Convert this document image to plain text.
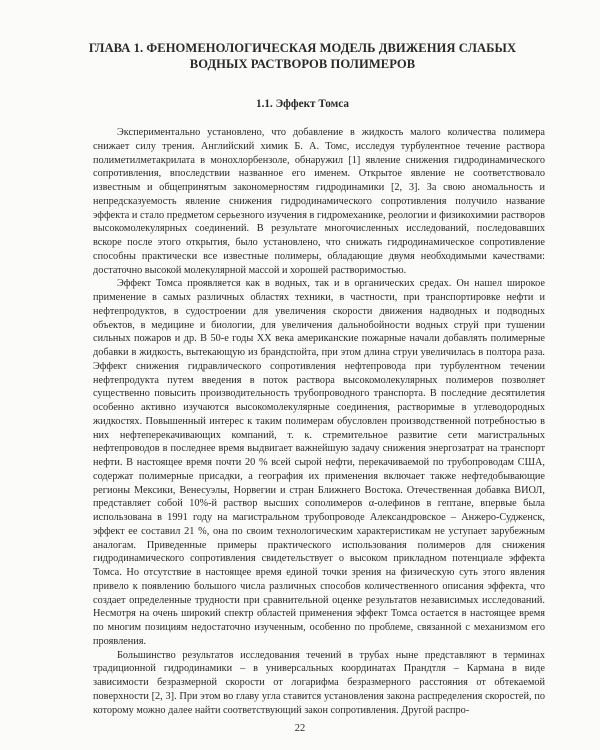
ГЛАВА 1. ФЕНОМЕНОЛОГИЧЕСКАЯ МОДЕЛЬ ДВИЖЕНИЯ СЛАБЫХ ВОДНЫХ РАСТВОРОВ ПОЛИМЕРОВ
1.1. Эффект Томса

Экспериментально установлено, что добавление в жидкость малого количества полимера снижает силу трения. Английский химик Б. А. Томс, исследуя турбулентное течение раствора полиметилметакрилата в монохлорбензоле, обнаружил [1] явление снижения гидродинамического сопротивления, впоследствии названное его именем. Открытое явление не соответствовало известным и общепринятым закономерностям гидродинамики [2, 3]. За свою аномальность и непредсказуемость явление снижения гидродинамического сопротивления получило название эффекта и стало предметом серьезного изучения в гидромеханике, реологии и физикохимии растворов высокомолекулярных соединений. В результате многочисленных исследований, последовавших вскоре после этого открытия, было установлено, что снижать гидродинамическое сопротивление способны практически все известные полимеры, обладающие двумя необходимыми качествами: достаточно высокой молекулярной массой и хорошей растворимостью.

Эффект Томса проявляется как в водных, так и в органических средах. Он нашел широкое применение в самых различных областях техники, в частности, при транспортировке нефти и нефтепродуктов, в судостроении для увеличения скорости движения надводных и подводных объектов, в медицине и биологии, для увеличения дальнобойности водных струй при тушении сильных пожаров и др. В 50-е годы XX века американские пожарные начали добавлять полимерные добавки в жидкость, вытекающую из брандспойта, при этом длина струи увеличилась в полтора раза. Эффект снижения гидравлического сопротивления нефтепровода при турбулентном течении нефтепродукта путем введения в поток раствора высокомолекулярных полимеров позволяет существенно повысить производительность трубопроводного транспорта. В последние десятилетия особенно активно изучаются высокомолекулярные соединения, растворимые в углеводородных жидкостях. Повышенный интерес к таким полимерам обусловлен производственной потребностью в них нефтеперекачивающих компаний, т. к. стремительное развитие сети магистральных нефтепроводов в последнее время выдвигает важнейшую задачу снижения энергозатрат на транспорт нефти. В настоящее время почти 20 % всей сырой нефти, перекачиваемой по трубопроводам США, содержат полимерные присадки, а география их применения включает также нефтедобывающие регионы Мексики, Венесуэлы, Норвегии и стран Ближнего Востока. Отечественная добавка ВИОЛ, представляет собой 10%-й раствор высших сополимеров α-олефинов в гептане, впервые была использована в 1991 году на магистральном трубопроводе Александровское – Анжеро-Судженск, эффект ее составил 21 %, она по своим технологическим характеристикам не уступает зарубежным аналогам. Приведенные примеры практического использования полимеров для снижения гидродинамического сопротивления свидетельствует о высоком прикладном потенциале эффекта Томса. Но отсутствие в настоящее время единой точки зрения на физическую суть этого явления привело к появлению большого числа различных способов количественного описания эффекта, что создает определенные трудности при сравнительной оценке результатов независимых исследований. Несмотря на очень широкий спектр областей применения эффект Томса остается в настоящее время по многим позициям недостаточно изученным, особенно по проблеме, связанной с механизмом его проявления.

Большинство результатов исследования течений в трубах ныне представляют в терминах традиционной гидродинамики – в универсальных координатах Прандтля – Кармана в виде зависимости безразмерной скорости от логарифма безразмерного расстояния от обтекаемой поверхности [2, 3]. При этом во главу угла ставится установления закона распределения скоростей, по которому можно далее найти соответствующий закон сопротивления. Другой распро-

22
